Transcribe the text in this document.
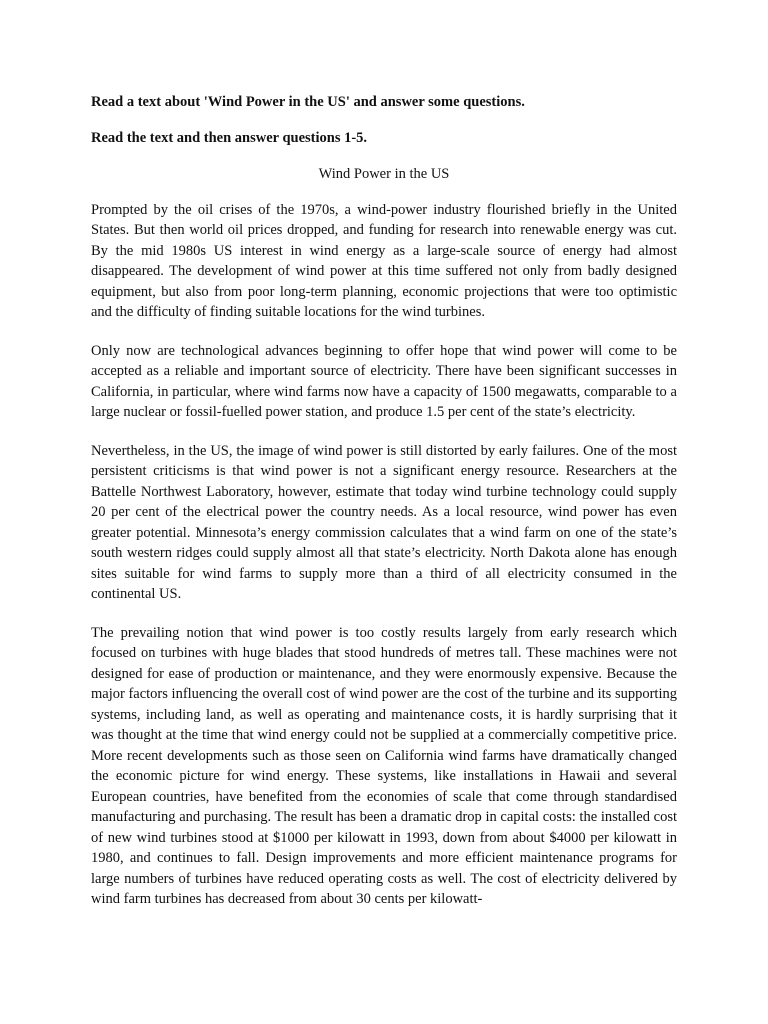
Read a text about 'Wind Power in the US' and answer some questions.

Read the text and then answer questions 1-5.

Wind Power in the US

Prompted by the oil crises of the 1970s, a wind-power industry flourished briefly in the United States. But then world oil prices dropped, and funding for research into renewable energy was cut. By the mid 1980s US interest in wind energy as a large-scale source of energy had almost disappeared. The development of wind power at this time suffered not only from badly designed equipment, but also from poor long-term planning, economic projections that were too optimistic and the difficulty of finding suitable locations for the wind turbines.

Only now are technological advances beginning to offer hope that wind power will come to be accepted as a reliable and important source of electricity. There have been significant successes in California, in particular, where wind farms now have a capacity of 1500 megawatts, comparable to a large nuclear or fossil-fuelled power station, and produce 1.5 per cent of the state’s electricity.

Nevertheless, in the US, the image of wind power is still distorted by early failures. One of the most persistent criticisms is that wind power is not a significant energy resource. Researchers at the Battelle Northwest Laboratory, however, estimate that today wind turbine technology could supply 20 per cent of the electrical power the country needs. As a local resource, wind power has even greater potential. Minnesota’s energy commission calculates that a wind farm on one of the state’s south western ridges could supply almost all that state’s electricity. North Dakota alone has enough sites suitable for wind farms to supply more than a third of all electricity consumed in the continental US.

The prevailing notion that wind power is too costly results largely from early research which focused on turbines with huge blades that stood hundreds of metres tall. These machines were not designed for ease of production or maintenance, and they were enormously expensive. Because the major factors influencing the overall cost of wind power are the cost of the turbine and its supporting systems, including land, as well as operating and maintenance costs, it is hardly surprising that it was thought at the time that wind energy could not be supplied at a commercially competitive price. More recent developments such as those seen on California wind farms have dramatically changed the economic picture for wind energy. These systems, like installations in Hawaii and several European countries, have benefited from the economies of scale that come through standardised manufacturing and purchasing. The result has been a dramatic drop in capital costs: the installed cost of new wind turbines stood at $1000 per kilowatt in 1993, down from about $4000 per kilowatt in 1980, and continues to fall. Design improvements and more efficient maintenance programs for large numbers of turbines have reduced operating costs as well. The cost of electricity delivered by wind farm turbines has decreased from about 30 cents per kilowatt-
